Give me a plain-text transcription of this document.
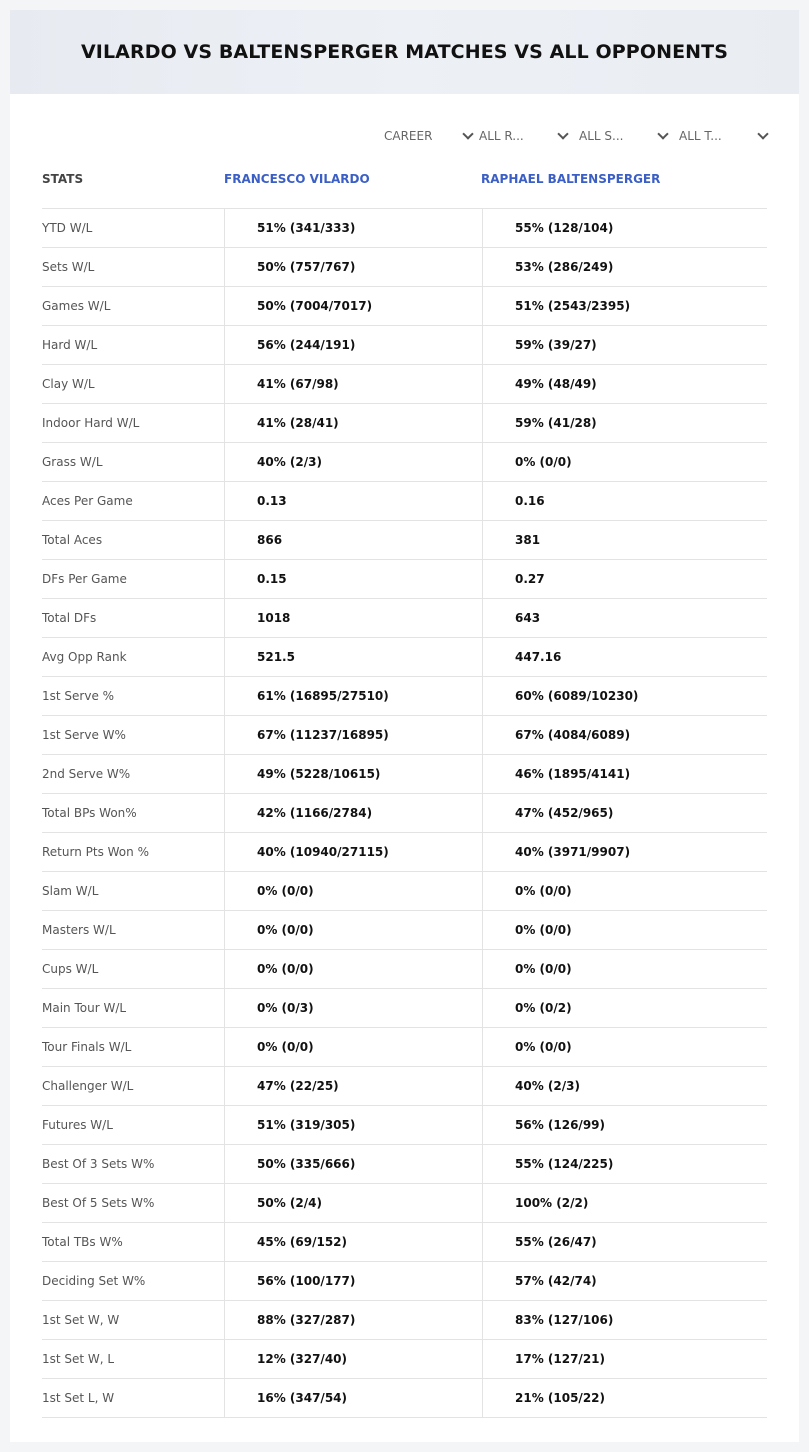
VILARDO VS BALTENSPERGER MATCHES VS ALL OPPONENTS
CAREER	ALL R...	ALL S...	ALL T...
STATS	FRANCESCO VILARDO	RAPHAEL BALTENSPERGER
YTD W/L	51% (341/333)	55% (128/104)
Sets W/L	50% (757/767)	53% (286/249)
Games W/L	50% (7004/7017)	51% (2543/2395)
Hard W/L	56% (244/191)	59% (39/27)
Clay W/L	41% (67/98)	49% (48/49)
Indoor Hard W/L	41% (28/41)	59% (41/28)
Grass W/L	40% (2/3)	0% (0/0)
Aces Per Game	0.13	0.16
Total Aces	866	381
DFs Per Game	0.15	0.27
Total DFs	1018	643
Avg Opp Rank	521.5	447.16
1st Serve %	61% (16895/27510)	60% (6089/10230)
1st Serve W%	67% (11237/16895)	67% (4084/6089)
2nd Serve W%	49% (5228/10615)	46% (1895/4141)
Total BPs Won%	42% (1166/2784)	47% (452/965)
Return Pts Won %	40% (10940/27115)	40% (3971/9907)
Slam W/L	0% (0/0)	0% (0/0)
Masters W/L	0% (0/0)	0% (0/0)
Cups W/L	0% (0/0)	0% (0/0)
Main Tour W/L	0% (0/3)	0% (0/2)
Tour Finals W/L	0% (0/0)	0% (0/0)
Challenger W/L	47% (22/25)	40% (2/3)
Futures W/L	51% (319/305)	56% (126/99)
Best Of 3 Sets W%	50% (335/666)	55% (124/225)
Best Of 5 Sets W%	50% (2/4)	100% (2/2)
Total TBs W%	45% (69/152)	55% (26/47)
Deciding Set W%	56% (100/177)	57% (42/74)
1st Set W, W	88% (327/287)	83% (127/106)
1st Set W, L	12% (327/40)	17% (127/21)
1st Set L, W	16% (347/54)	21% (105/22)
